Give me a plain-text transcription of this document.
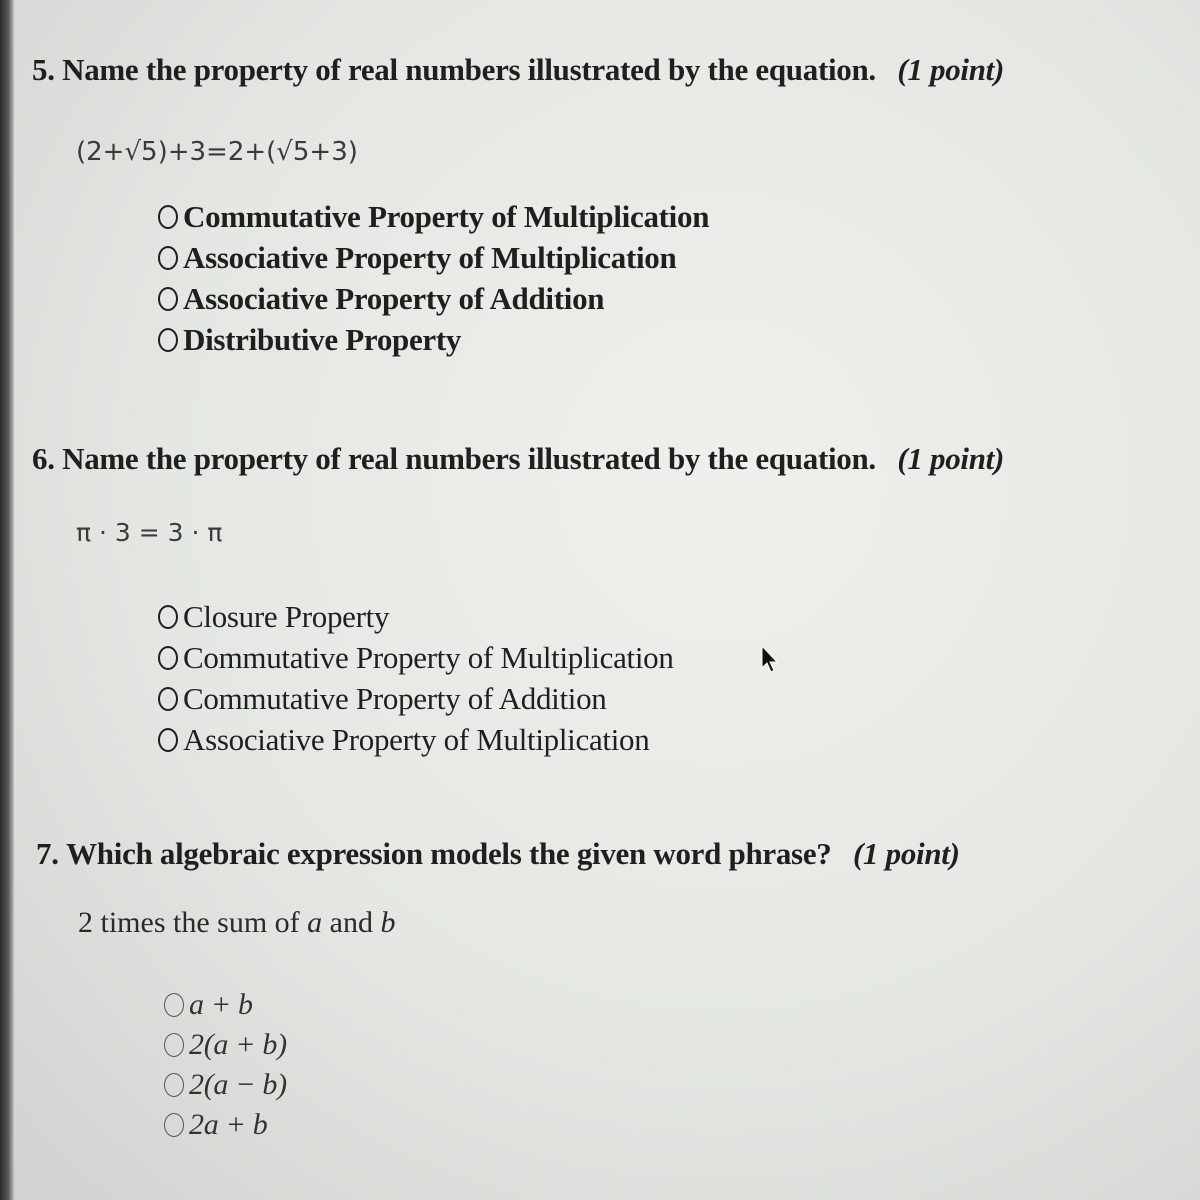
5. Name the property of real numbers illustrated by the equation. (1 point)
(2+√5)+3=2+(√5+3)
Commutative Property of Multiplication
Associative Property of Multiplication
Associative Property of Addition
Distributive Property
6. Name the property of real numbers illustrated by the equation. (1 point)
π · 3 = 3 · π
Closure Property
Commutative Property of Multiplication
Commutative Property of Addition
Associative Property of Multiplication
7. Which algebraic expression models the given word phrase? (1 point)
2 times the sum of a and b
a + b
2(a + b)
2(a − b)
2a + b
